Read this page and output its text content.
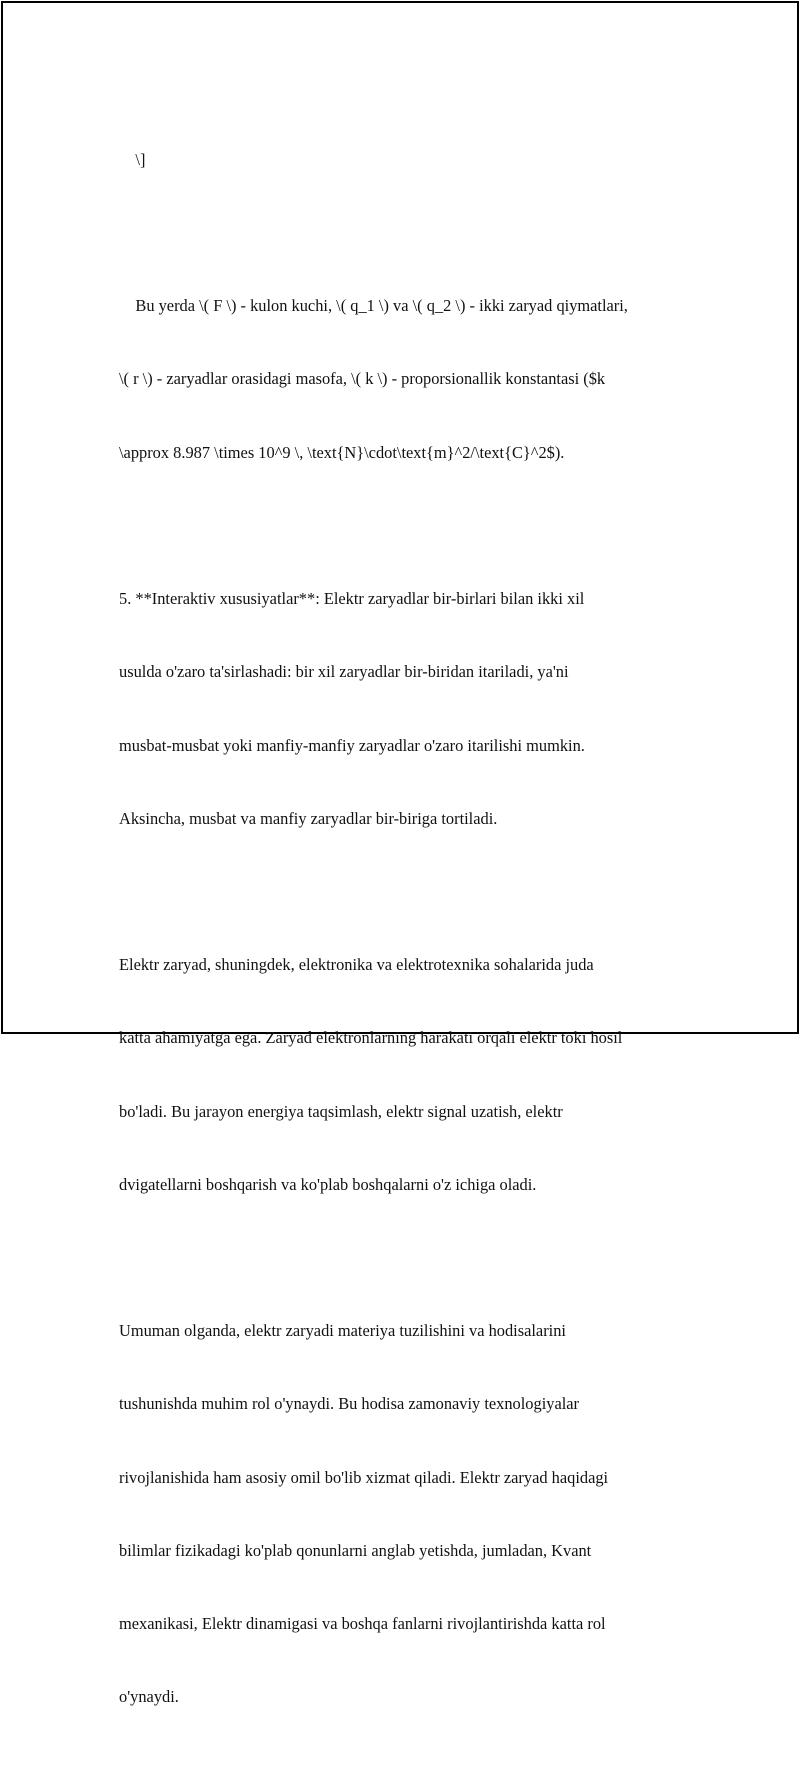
\]

Bu yerda \( F \) - kulon kuchi, \( q_1 \) va \( q_2 \) - ikki zaryad qiymatlari,

\( r \) - zaryadlar orasidagi masofa, \( k \) - proporsionallik konstantasi ($k

\approx 8.987 \times 10^9 \, \text{N}\cdot\text{m}^2/\text{C}^2$).

5. **Interaktiv xususiyatlar**: Elektr zaryadlar bir-birlari bilan ikki xil

usulda o'zaro ta'sirlashadi: bir xil zaryadlar bir-biridan itariladi, ya'ni

musbat-musbat yoki manfiy-manfiy zaryadlar o'zaro itarilishi mumkin.

Aksincha, musbat va manfiy zaryadlar bir-biriga tortiladi.

Elektr zaryad, shuningdek, elektronika va elektrotexnika sohalarida juda

katta ahamiyatga ega. Zaryad elektronlarning harakati orqali elektr toki hosil

bo'ladi. Bu jarayon energiya taqsimlash, elektr signal uzatish, elektr

dvigatellarni boshqarish va ko'plab boshqalarni o'z ichiga oladi.

Umuman olganda, elektr zaryadi materiya tuzilishini va hodisalarini

tushunishda muhim rol o'ynaydi. Bu hodisa zamonaviy texnologiyalar

rivojlanishida ham asosiy omil bo'lib xizmat qiladi. Elektr zaryad haqidagi

bilimlar fizikadagi ko'plab qonunlarni anglab yetishda, jumladan, Kvant

mexanikasi, Elektr dinamigasi va boshqa fanlarni rivojlantirishda katta rol

o'ynaydi.
